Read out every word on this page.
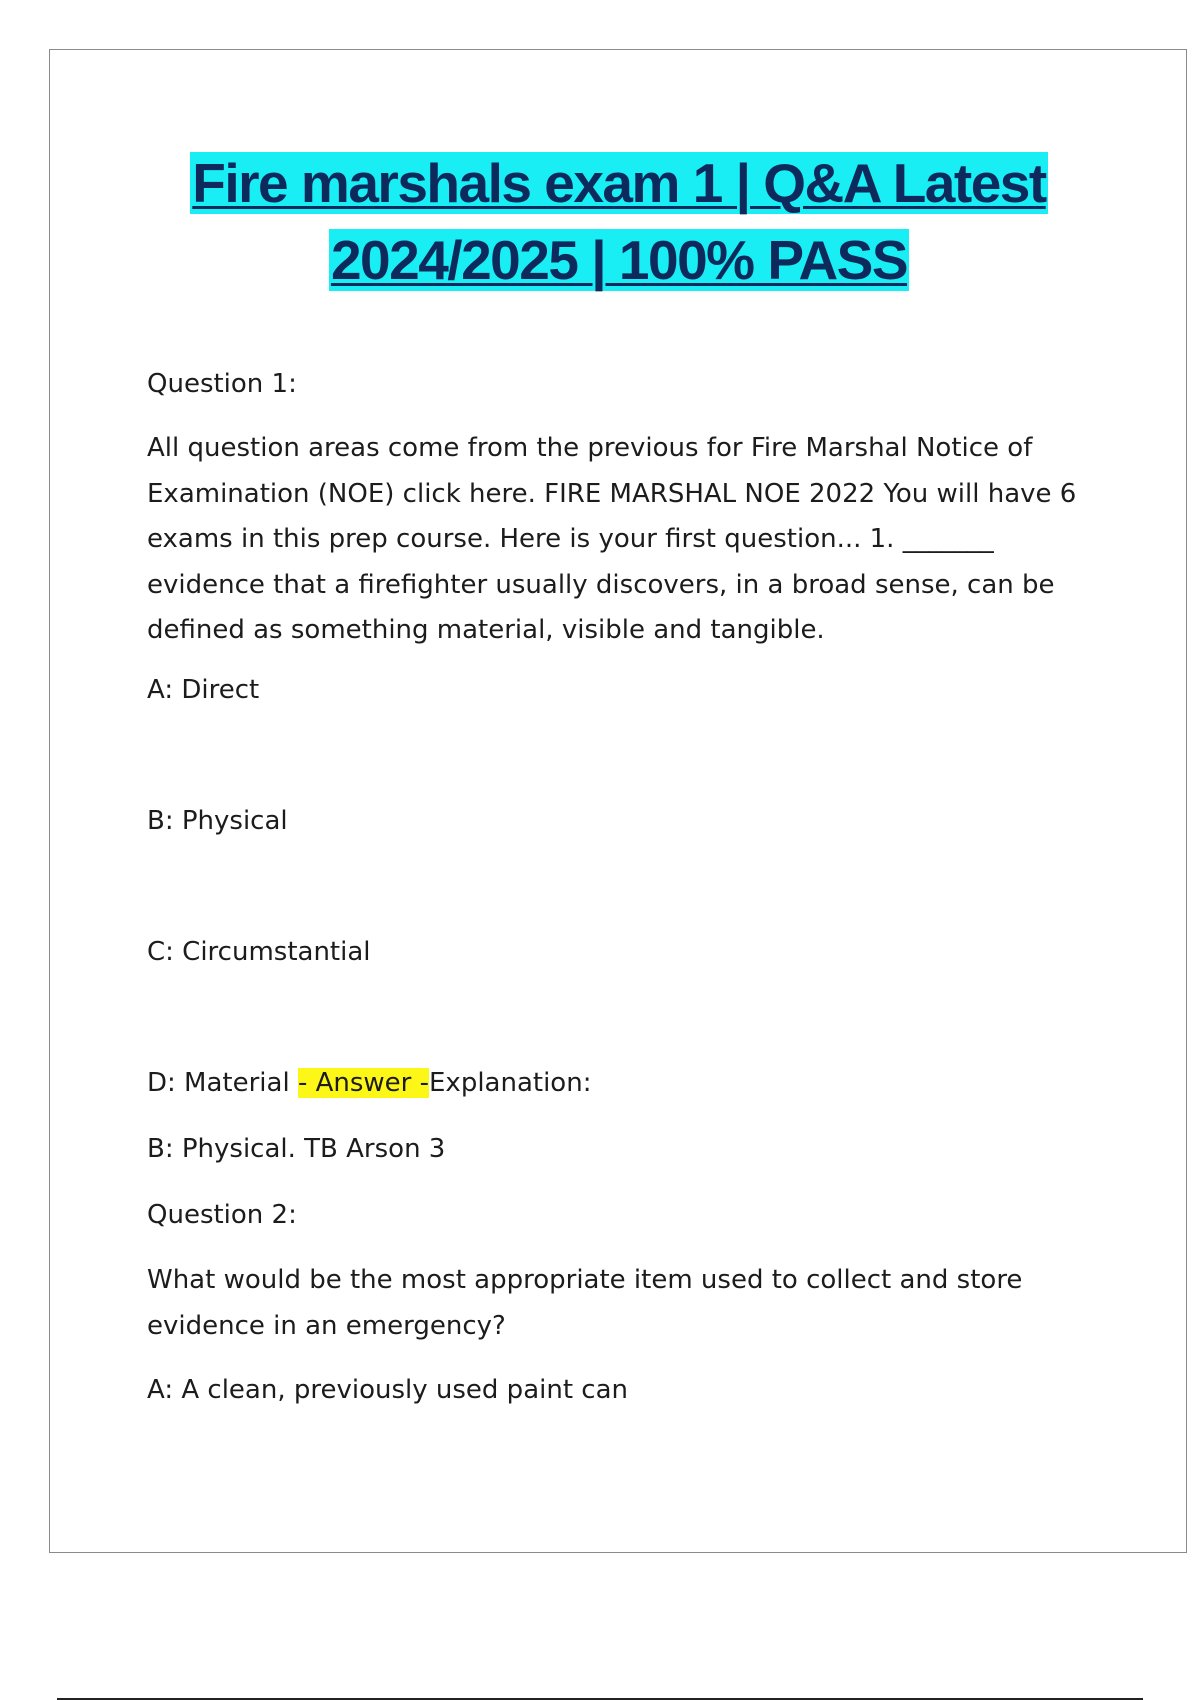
Fire marshals exam 1 | Q&A Latest
2024/2025 | 100% PASS

Question 1:

All question areas come from the previous for Fire Marshal Notice of
Examination (NOE) click here. FIRE MARSHAL NOE 2022 You will have 6
exams in this prep course. Here is your first question... 1. _______
evidence that a firefighter usually discovers, in a broad sense, can be
defined as something material, visible and tangible.

A: Direct

B: Physical

C: Circumstantial

D: Material - Answer -Explanation:

B: Physical. TB Arson 3

Question 2:

What would be the most appropriate item used to collect and store
evidence in an emergency?

A: A clean, previously used paint can
